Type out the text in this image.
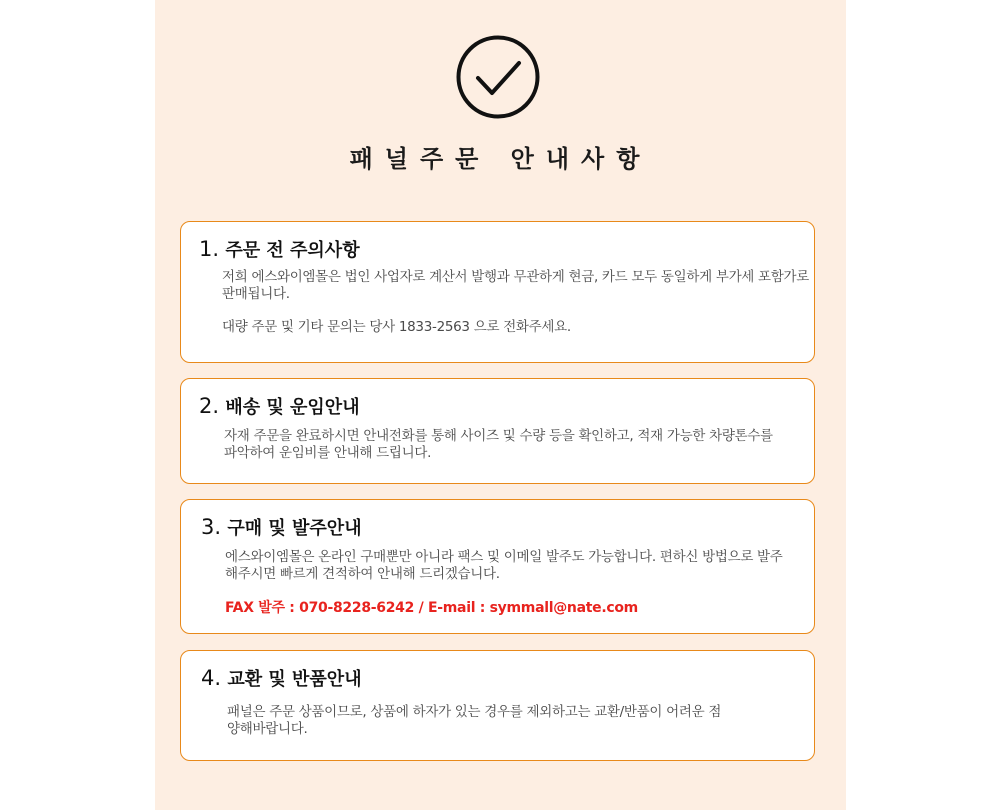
패널주문 안내사항
1. 주문 전 주의사항

저희 에스와이엠몰은 법인 사업자로 계산서 발행과 무관하게 현금, 카드 모두 동일하게 부가세 포함가로

판매됩니다.

대량 주문 및 기타 문의는 당사 1833-2563 으로 전화주세요.

2. 배송 및 운임안내

자재 주문을 완료하시면 안내전화를 통해 사이즈 및 수량 등을 확인하고, 적재 가능한 차량톤수를

파악하여 운임비를 안내해 드립니다.

3. 구매 및 발주안내

에스와이엠몰은 온라인 구매뿐만 아니라 팩스 및 이메일 발주도 가능합니다. 편하신 방법으로 발주

해주시면 빠르게 견적하여 안내해 드리겠습니다.

FAX 발주 : 070-8228-6242 / E-mail : symmall@nate.com

4. 교환 및 반품안내

패널은 주문 상품이므로, 상품에 하자가 있는 경우를 제외하고는 교환/반품이 어려운 점

양해바랍니다.
